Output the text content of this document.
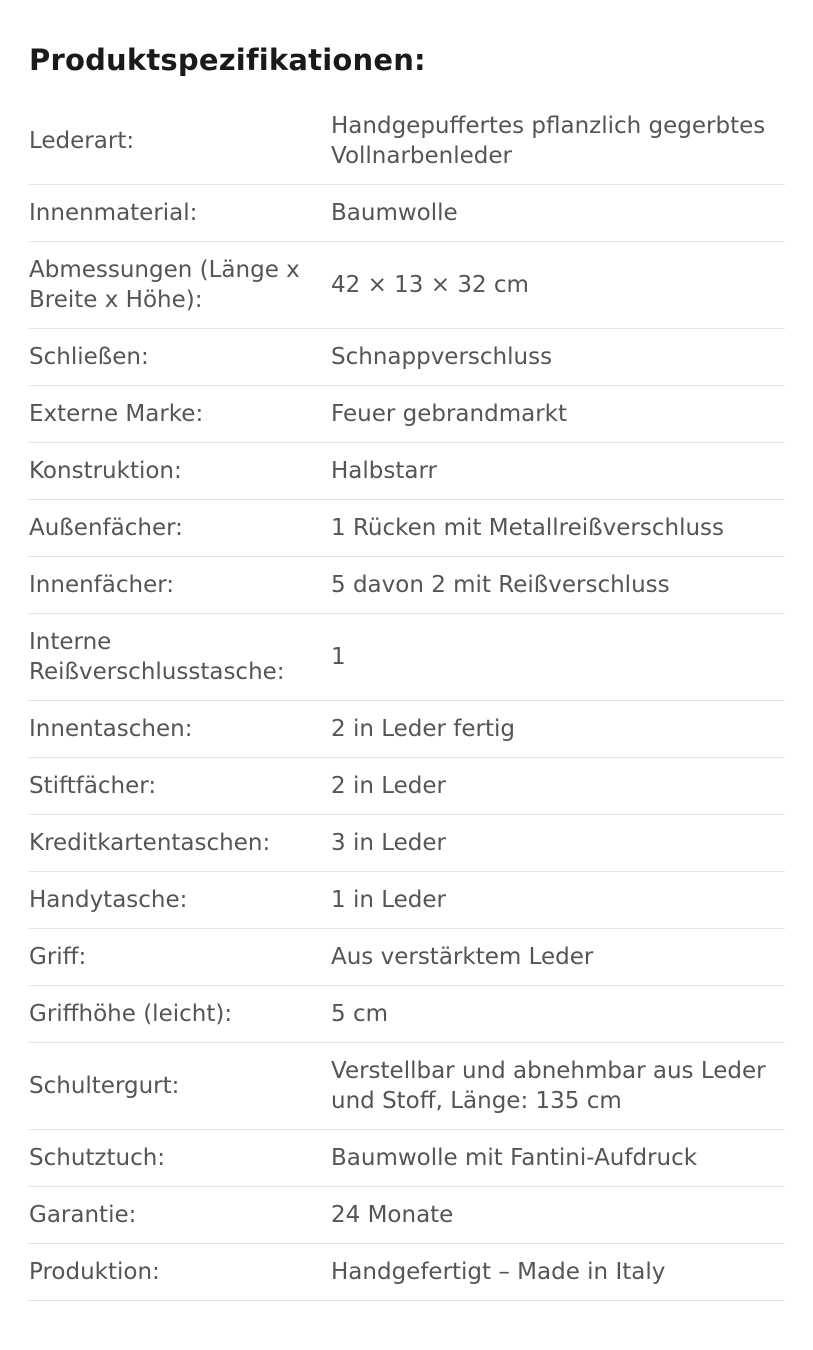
Produktspezifikationen:
Lederart:	Handgepuffertes pflanzlich gegerbtes Vollnarbenleder
Innenmaterial:	Baumwolle
Abmessungen (Länge x Breite x Höhe):	42 × 13 × 32 cm
Schließen:	Schnappverschluss
Externe Marke:	Feuer gebrandmarkt
Konstruktion:	Halbstarr
Außenfächer:	1 Rücken mit Metallreißverschluss
Innenfächer:	5 davon 2 mit Reißverschluss
Interne Reißverschlusstasche:	1
Innentaschen:	2 in Leder fertig
Stiftfächer:	2 in Leder
Kreditkartentaschen:	3 in Leder
Handytasche:	1 in Leder
Griff:	Aus verstärktem Leder
Griffhöhe (leicht):	5 cm
Schultergurt:	Verstellbar und abnehmbar aus Leder und Stoff, Länge: 135 cm
Schutztuch:	Baumwolle mit Fantini-Aufdruck
Garantie:	24 Monate
Produktion:	Handgefertigt – Made in Italy
